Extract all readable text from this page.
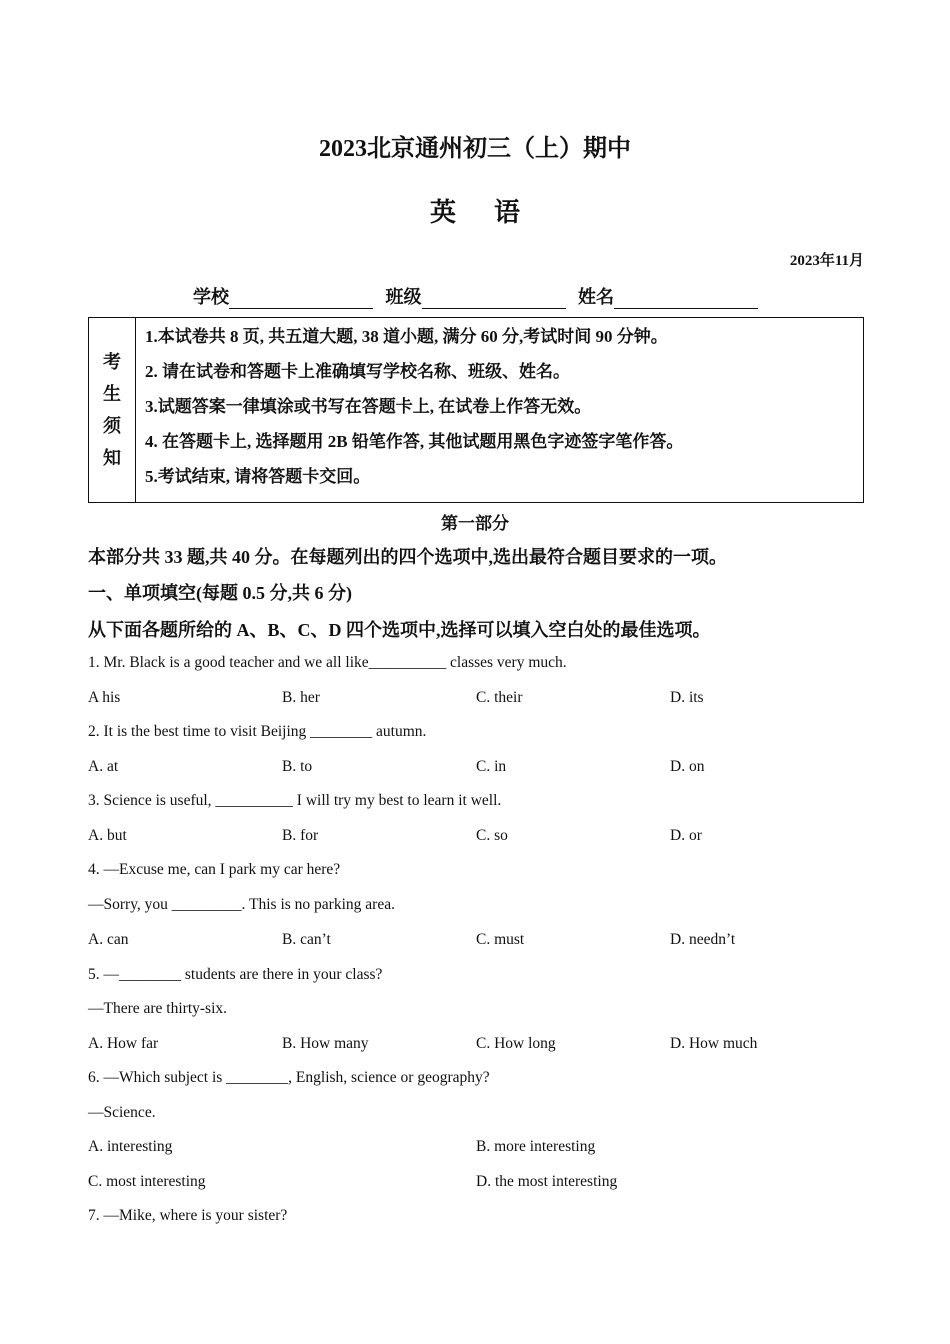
2023北京通州初三（上）期中
英语
2023年11月
学校	班级	姓名
考
生
须
知
1.本试卷共 8 页, 共五道大题, 38 道小题, 满分 60 分,考试时间 90 分钟。
2. 请在试卷和答题卡上准确填写学校名称、班级、姓名。
3.试题答案一律填涂或书写在答题卡上, 在试卷上作答无效。
4. 在答题卡上, 选择题用 2B 铅笔作答, 其他试题用黑色字迹签字笔作答。
5.考试结束, 请将答题卡交回。
第一部分
本部分共 33 题,共 40 分。在每题列出的四个选项中,选出最符合题目要求的一项。
一、单项填空(每题 0.5 分,共 6 分)
从下面各题所给的 A、B、C、D 四个选项中,选择可以填入空白处的最佳选项。
1. Mr. Black is a good teacher and we all like__________ classes very much.
A his	B. her	C. their	D. its
2. It is the best time to visit Beijing ________ autumn.
A. at	B. to	C. in	D. on
3. Science is useful, __________ I will try my best to learn it well.
A. but	B. for	C. so	D. or
4. —Excuse me, can I park my car here?
—Sorry, you _________. This is no parking area.
A. can	B. can’t	C. must	D. needn’t
5. —________ students are there in your class?
—There are thirty-six.
A. How far	B. How many	C. How long	D. How much
6. —Which subject is ________, English, science or geography?
—Science.
A. interesting	B. more interesting
C. most interesting	D. the most interesting
7. —Mike, where is your sister?
